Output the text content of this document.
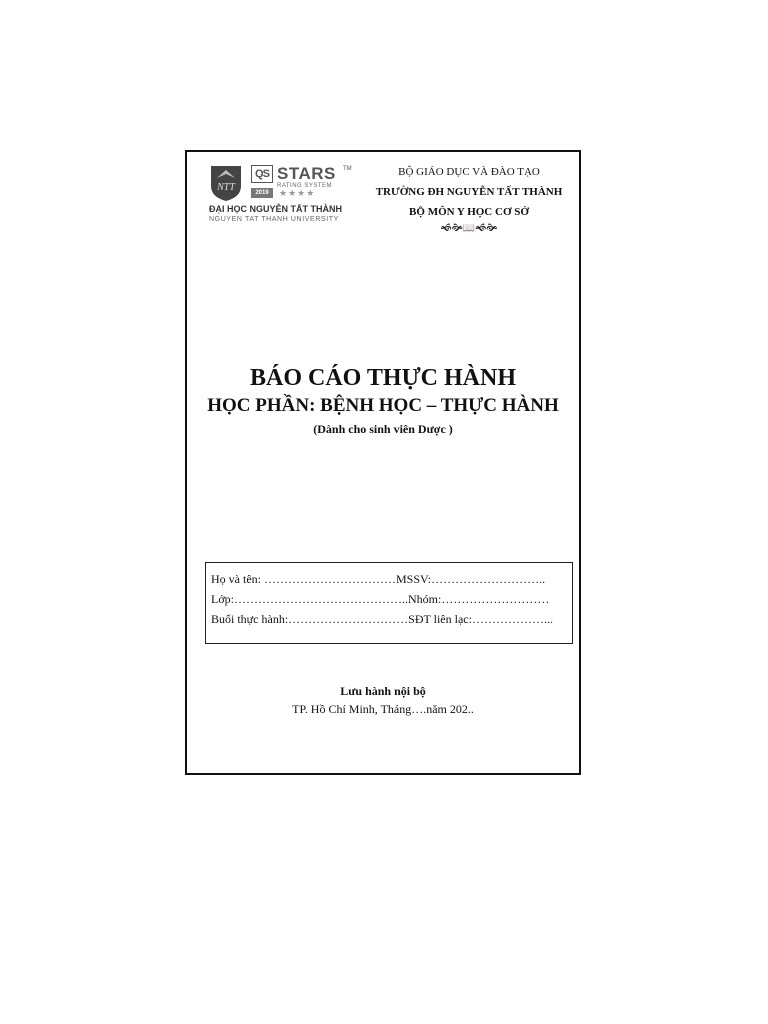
NTT
QS STARS TM
RATING SYSTEM
2019	★★★★
ĐẠI HỌC NGUYỄN TẤT THÀNH
NGUYEN TAT THANH UNIVERSITY
BỘ GIÁO DỤC VÀ ĐÀO TẠO
TRƯỜNG ĐH NGUYỄN TẤT THÀNH
BỘ MÔN Y HỌC CƠ SỞ
🙜🙞📖🙜🙞
BÁO CÁO THỰC HÀNH
HỌC PHẦN: BỆNH HỌC – THỰC HÀNH
(Dành cho sinh viên Dược )
Họ và tên: …………………………… MSSV:………………………..
Lớp:…………………………………….. Nhóm:………………………
Buổi thực hành:………………………… SĐT liên lạc:………………...
Lưu hành nội bộ
TP. Hồ Chí Minh, Tháng….năm 202..
